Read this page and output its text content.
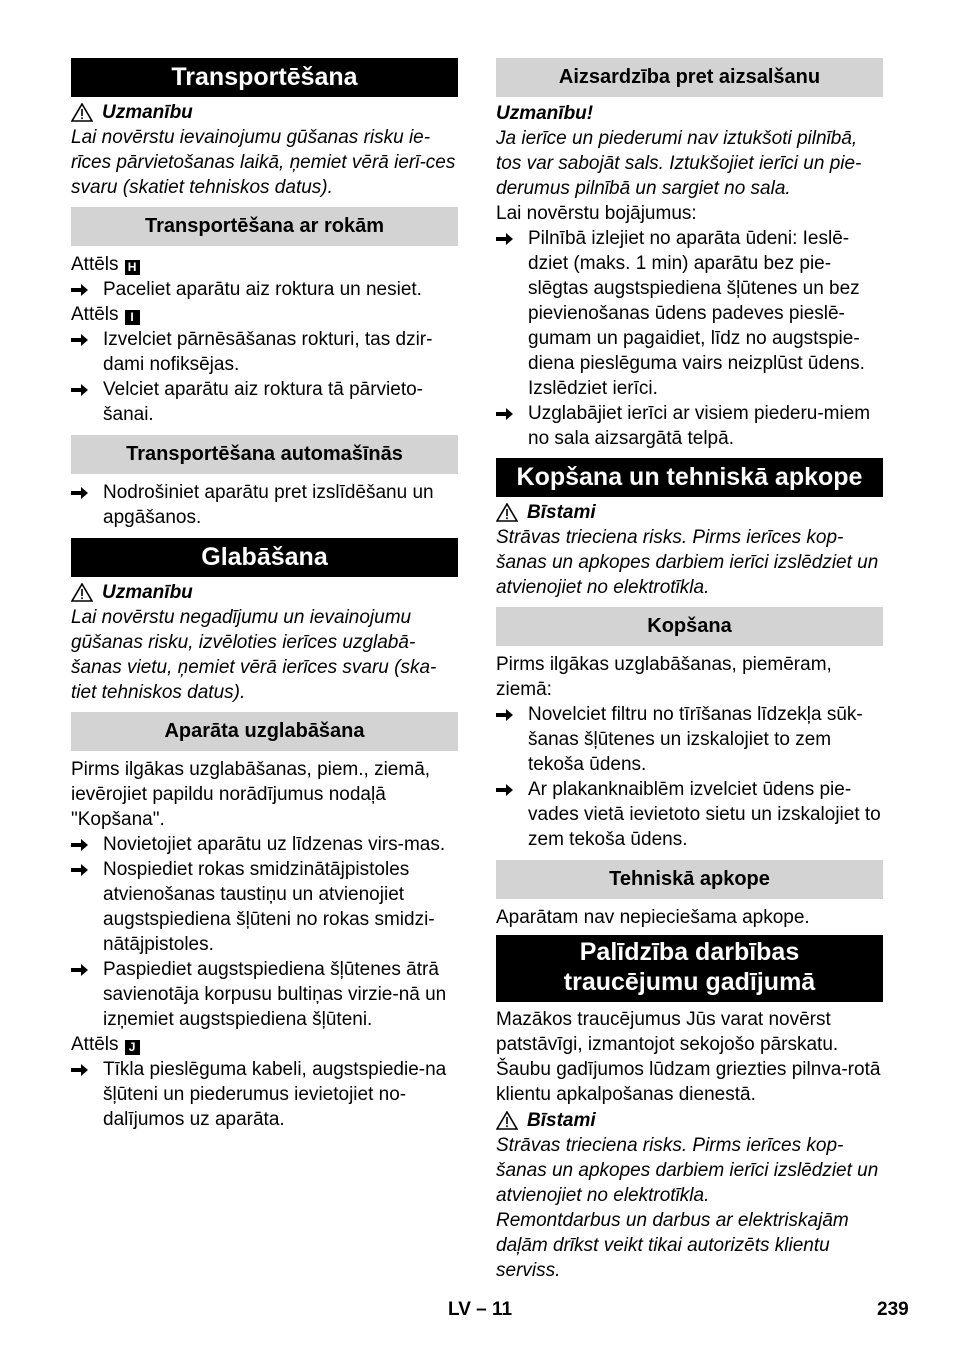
Transportēšana
Uzmanību

Lai novērstu ievainojumu gūšanas risku ie-rīces pārvietošanas laikā, ņemiet vērā ierī-ces svaru (skatiet tehniskos datus).

Transportēšana ar rokām

Attēls H

Paceliet aparātu aiz roktura un nesiet.

Attēls I

Izvelciet pārnēsāšanas rokturi, tas dzir-dami nofiksējas.
Velciet aparātu aiz roktura tā pārvieto-šanai.
Transportēšana automašīnās
Nodrošiniet aparātu pret izslīdēšanu un apgāšanos.
Glabāšana
Uzmanību

Lai novērstu negadījumu un ievainojumu gūšanas risku, izvēloties ierīces uzglabā-šanas vietu, ņemiet vērā ierīces svaru (ska-tiet tehniskos datus).

Aparāta uzglabāšana

Pirms ilgākas uzglabāšanas, piem., ziemā, ievērojiet papildu norādījumus nodaļā "Kopšana".

Novietojiet aparātu uz līdzenas virs-mas.
Nospiediet rokas smidzinātājpistoles atvienošanas taustiņu un atvienojiet augstspiediena šļūteni no rokas smidzi-nātājpistoles.
Paspiediet augstspiediena šļūtenes ātrā savienotāja korpusu bultiņas virzie-nā un izņemiet augstspiediena šļūteni.

Attēls J

Tīkla pieslēguma kabeli, augstspiedie-na šļūteni un piederumus ievietojiet no-dalījumos uz aparāta.
Aizsardzība pret aizsalšanu

Uzmanību!

Ja ierīce un piederumi nav iztukšoti pilnībā, tos var sabojāt sals. Iztukšojiet ierīci un pie-derumus pilnībā un sargiet no sala.

Lai novērstu bojājumus:

Pilnībā izlejiet no aparāta ūdeni: Ieslē-dziet (maks. 1 min) aparātu bez pie-slēgtas augstspiediena šļūtenes un bez pievienošanas ūdens padeves pieslē-gumam un pagaidiet, līdz no augstspie-diena pieslēguma vairs neizplūst ūdens. Izslēdziet ierīci.
Uzglabājiet ierīci ar visiem piederu-miem no sala aizsargātā telpā.
Kopšana un tehniskā apkope
Bīstami

Strāvas trieciena risks. Pirms ierīces kop-šanas un apkopes darbiem ierīci izslēdziet un atvienojiet no elektrotīkla.

Kopšana

Pirms ilgākas uzglabāšanas, piemēram, ziemā:

Novelciet filtru no tīrīšanas līdzekļa sūk-šanas šļūtenes un izskalojiet to zem tekoša ūdens.
Ar plakanknaiblēm izvelciet ūdens pie-vades vietā ievietoto sietu un izskalojiet to zem tekoša ūdens.
Tehniskā apkope

Aparātam nav nepieciešama apkope.

Palīdzība darbības
traucējumu gadījumā

Mazākos traucējumus Jūs varat novērst patstāvīgi, izmantojot sekojošo pārskatu. Šaubu gadījumos lūdzam griezties pilnva-rotā klientu apkalpošanas dienestā.

Bīstami

Strāvas trieciena risks. Pirms ierīces kop-šanas un apkopes darbiem ierīci izslēdziet un atvienojiet no elektrotīkla.

Remontdarbus un darbus ar elektriskajām daļām drīkst veikt tikai autorizēts klientu serviss.

LV – 11	239
